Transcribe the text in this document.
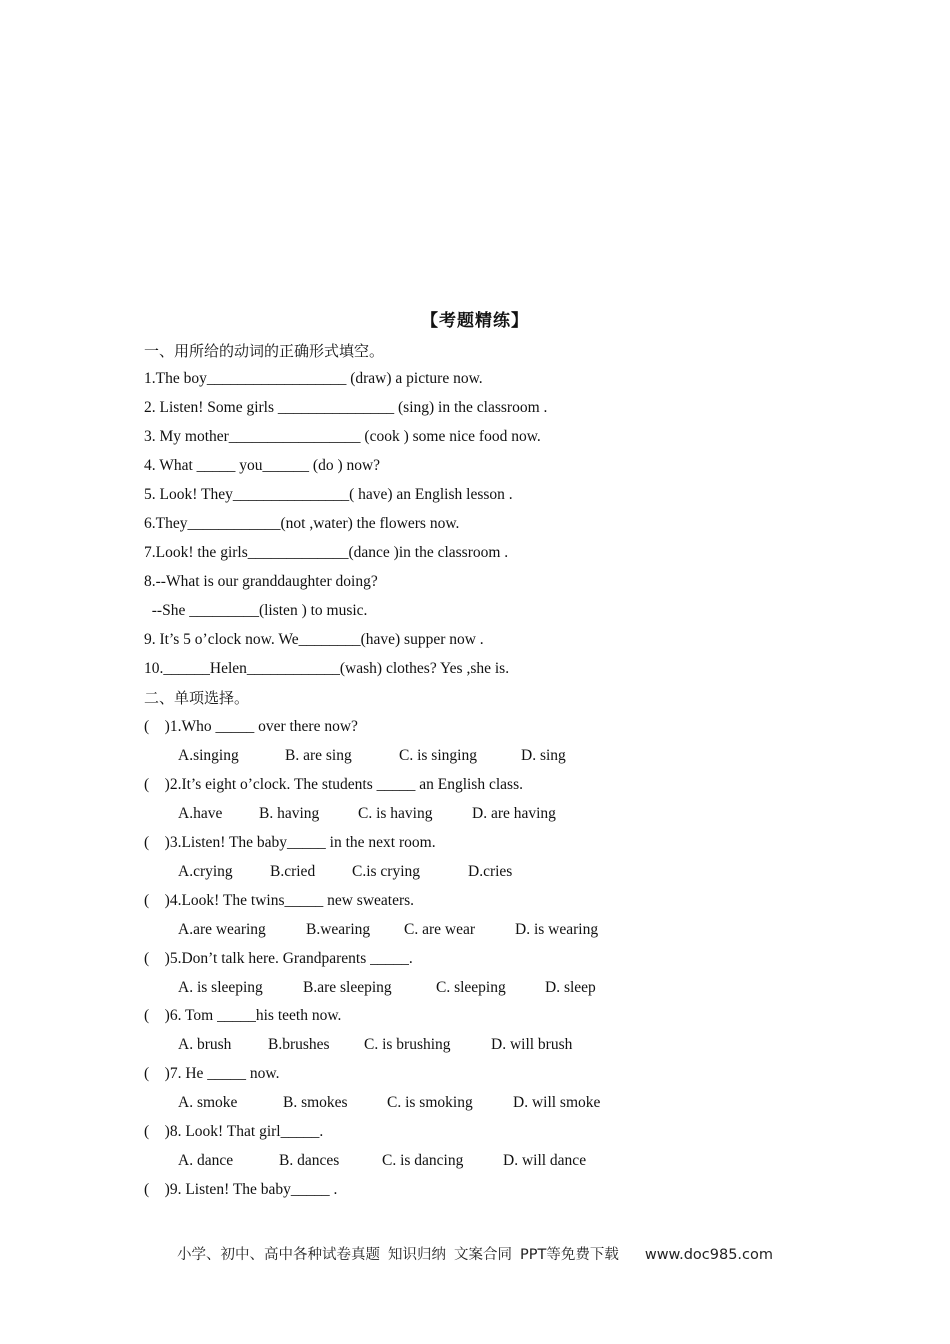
【考题精练】
一、用所给的动词的正确形式填空。
1.The boy__________________ (draw) a picture now.
2. Listen! Some girls _______________ (sing) in the classroom .
3. My mother_________________ (cook ) some nice food now.
4. What _____ you______ (do ) now?
5. Look! They_______________( have) an English lesson .
6.They____________(not ,water) the flowers now.
7.Look! the girls_____________(dance )in the classroom .
8.--What is our granddaughter doing?
--She _________(listen ) to music.
9. It’s 5 o’clock now. We________(have) supper now .
10.______Helen____________(wash) clothes? Yes ,she is.
二、单项选择。
(    )1.Who _____ over there now?

A.singing

	B. are sing

	C. is singing

	D. sing

(    )2.It’s eight o’clock. The students _____ an English class.

A.have

B. having

C. is having

	D. are having

(    )3.Listen! The baby_____ in the next room.

A.crying

B.cried

C.is crying

	D.cries

(    )4.Look! The twins_____ new sweaters.

A.are wearing

	B.wearing

C. are wear

	D. is wearing

(    )5.Don’t talk here. Grandparents _____.

A. is sleeping

	B.are sleeping

	C. sleeping

	D. sleep

(    )6. Tom _____his teeth now.

A. brush

B.brushes

C. is brushing

	D. will brush

(    )7. He _____ now.

A. smoke

	B. smokes

	C. is smoking

	D. will smoke

(    )8. Look! That girl_____.

A. dance

	B. dances

	C. is dancing

	D. will dance

(    )9. Listen! The baby_____ .
小学、初中、高中各种试卷真题 知识归纳 文案合同 PPT等免费下载 www.doc985.com
